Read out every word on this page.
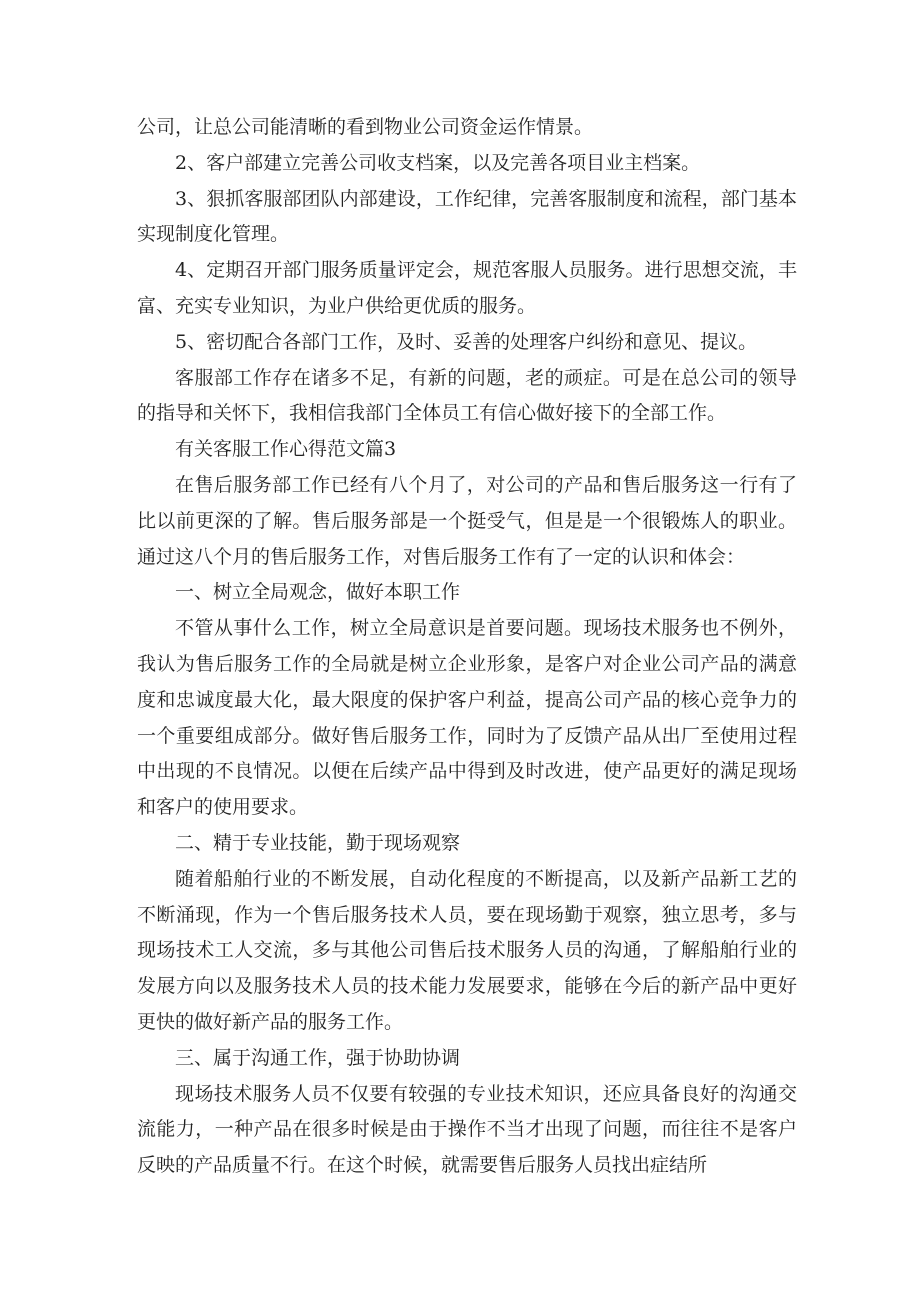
公司，让总公司能清晰的看到物业公司资金运作情景。

2、客户部建立完善公司收支档案，以及完善各项目业主档案。

3、狠抓客服部团队内部建设，工作纪律，完善客服制度和流程，部门基本实现制度化管理。

4、定期召开部门服务质量评定会，规范客服人员服务。进行思想交流，丰富、充实专业知识，为业户供给更优质的服务。

5、密切配合各部门工作，及时、妥善的处理客户纠纷和意见、提议。

客服部工作存在诸多不足，有新的问题，老的顽症。可是在总公司的领导的指导和关怀下，我相信我部门全体员工有信心做好接下的全部工作。

有关客服工作心得范文篇3

在售后服务部工作已经有八个月了，对公司的产品和售后服务这一行有了比以前更深的了解。售后服务部是一个挺受气，但是是一个很锻炼人的职业。通过这八个月的售后服务工作，对售后服务工作有了一定的认识和体会：

一、树立全局观念，做好本职工作

不管从事什么工作，树立全局意识是首要问题。现场技术服务也不例外，我认为售后服务工作的全局就是树立企业形象，是客户对企业公司产品的满意度和忠诚度最大化，最大限度的保护客户利益，提高公司产品的核心竞争力的一个重要组成部分。做好售后服务工作，同时为了反馈产品从出厂至使用过程中出现的不良情况。以便在后续产品中得到及时改进，使产品更好的满足现场和客户的使用要求。

二、精于专业技能，勤于现场观察

随着船舶行业的不断发展，自动化程度的不断提高，以及新产品新工艺的不断涌现，作为一个售后服务技术人员，要在现场勤于观察，独立思考，多与现场技术工人交流，多与其他公司售后技术服务人员的沟通，了解船舶行业的发展方向以及服务技术人员的技术能力发展要求，能够在今后的新产品中更好更快的做好新产品的服务工作。

三、属于沟通工作，强于协助协调

现场技术服务人员不仅要有较强的专业技术知识，还应具备良好的沟通交流能力，一种产品在很多时候是由于操作不当才出现了问题，而往往不是客户反映的产品质量不行。在这个时候，就需要售后服务人员找出症结所
